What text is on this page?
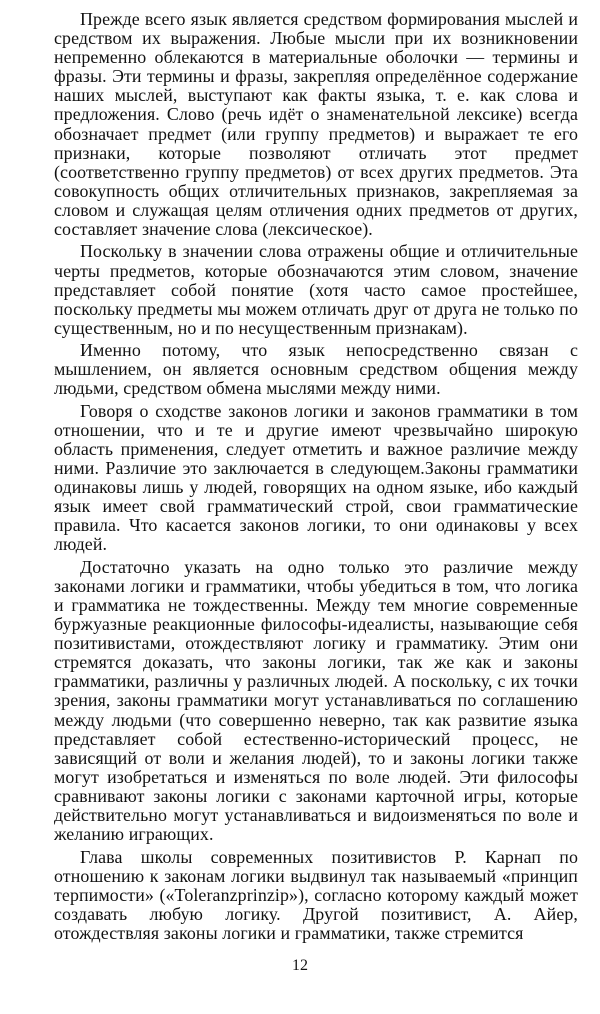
Прежде всего язык является средством формирования мыслей и средством их выражения. Любые мысли при их возникновении непременно облекаются в материальные оболочки — термины и фразы. Эти термины и фразы, закрепляя определённое содержание наших мыслей, выступают как факты языка, т. е. как слова и предложения. Слово (речь идёт о знаменательной лексике) всегда обозначает предмет (или группу предметов) и выражает те его признаки, которые позволяют отличать этот предмет (соответственно группу предметов) от всех других предметов. Эта совокупность общих отличительных признаков, закрепляемая за словом и служащая целям отличения одних предметов от других, составляет значение слова (лексическое).

Поскольку в значении слова отражены общие и отличительные черты предметов, которые обозначаются этим словом, значение представляет собой понятие (хотя часто самое простейшее, поскольку предметы мы можем отличать друг от друга не только по существенным, но и по несущественным признакам).

Именно потому, что язык непосредственно связан с мышлением, он является основным средством общения между людьми, средством обмена мыслями между ними.

Говоря о сходстве законов логики и законов грамматики в том отношении, что и те и другие имеют чрезвычайно широкую область применения, следует отметить и важное различие между ними. Различие это заключается в следующем.Законы грамматики одинаковы лишь у людей, говорящих на одном языке, ибо каждый язык имеет свой грамматический строй, свои грамматические правила. Что касается законов логики, то они одинаковы у всех людей.

Достаточно указать на одно только это различие между законами логики и грамматики, чтобы убедиться в том, что логика и грамматика не тождественны. Между тем многие современные буржуазные реакционные философы-идеалисты, называющие себя позитивистами, отождествляют логику и грамматику. Этим они стремятся доказать, что законы логики, так же как и законы грамматики, различны у различных людей. А поскольку, с их точки зрения, законы грамматики могут устанавливаться по соглашению между людьми (что совершенно неверно, так как развитие языка представляет собой естественно-исторический процесс, не зависящий от воли и желания людей), то и законы логики также могут изобретаться и изменяться по воле людей. Эти философы сравнивают законы логики с законами карточной игры, которые действительно могут устанавливаться и видоизменяться по воле и желанию играющих.

Глава школы современных позитивистов Р. Карнап по отношению к законам логики выдвинул так называемый «принцип терпимости» («Toleranzprinzip»), согласно которому каждый может создавать любую логику. Другой позитивист, А. Айер, отождествляя законы логики и грамматики, также стремится

12
